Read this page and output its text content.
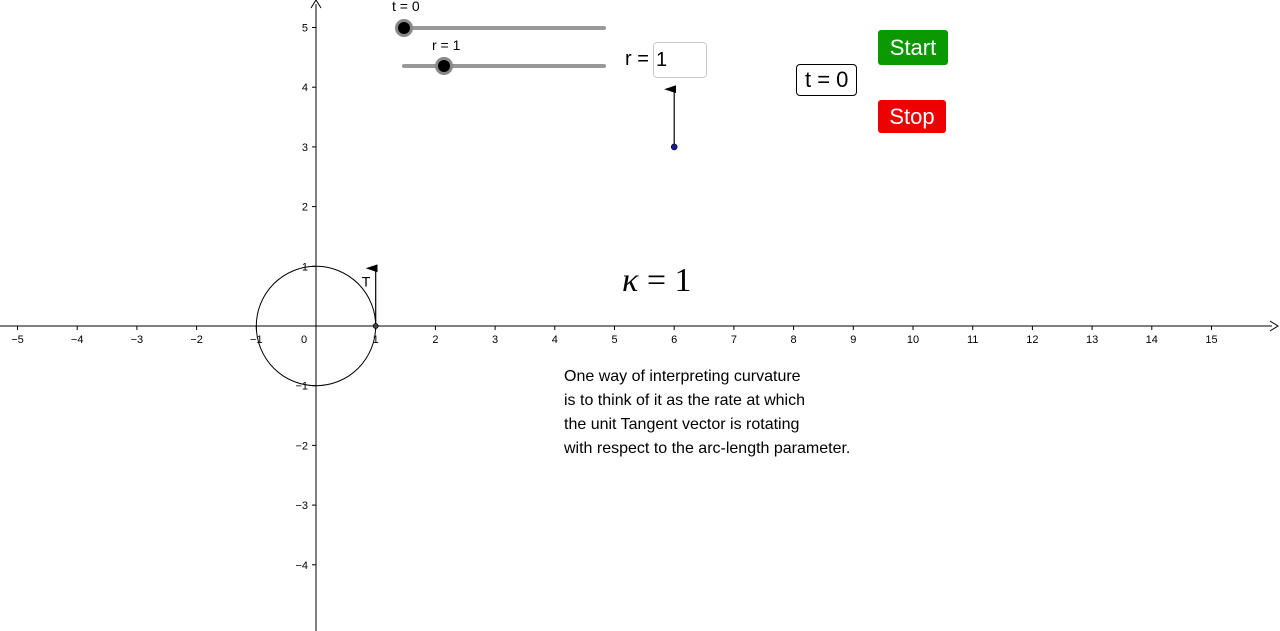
−5	−4	−3	−2	−1	1	2	3	4	5	6	7	8	9	10	11	12	13	14	15
0
−4
−3
−2
−1
1
2
3
4
5
T
t = 0
r = 1
r =
1
t = 0
Start
Stop
κ = 1
One way of interpreting curvature
is to think of it as the rate at which
the unit Tangent vector is rotating
with respect to the arc-length parameter.
